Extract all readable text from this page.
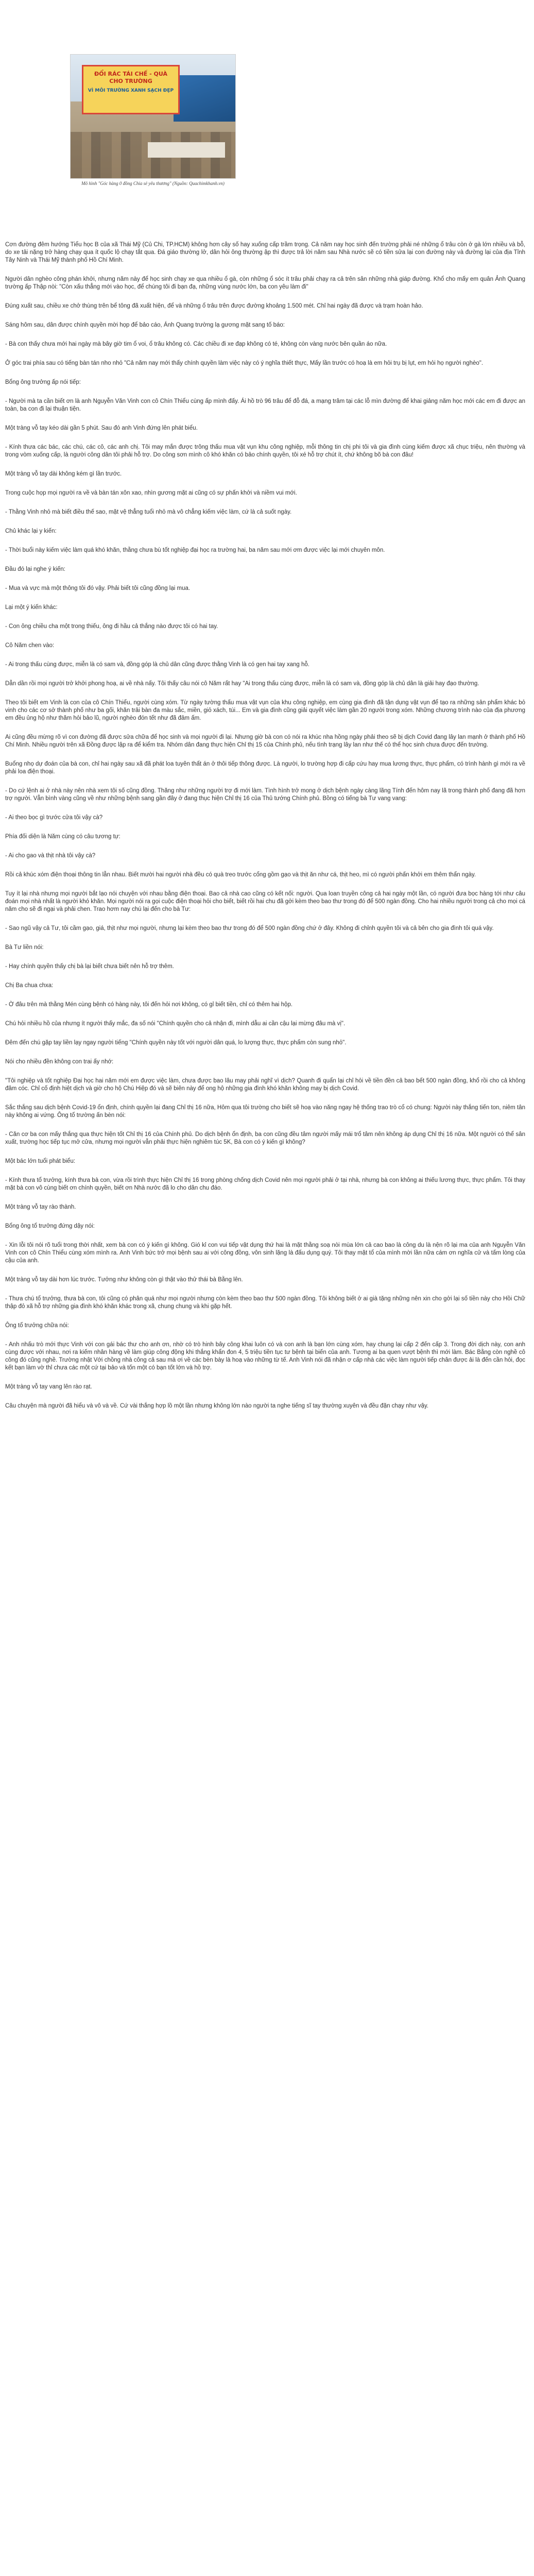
ĐỔI RÁC TÁI CHẾ - QUÀ CHO TRƯỜNG
VÌ MÔI TRƯỜNG XANH SẠCH ĐẸP
Mô hình "Góc hàng 0 đồng Chia sẻ yêu thương" (Nguồn: Quachimkhanh.vn)

Cơn đường đêm hướng Tiểu học B của xã Thái Mỹ (Củ Chi, TP.HCM) không hơn cây số hay xuống cấp trầm trọng. Cả năm nay học sinh đến trường phải né những ổ trâu còn ở gà lớn nhiều và bỗ, do xe tải nặng trở hàng chạy qua ít quốc lộ chạy tắt qua. Đá giáo thường lở, dân hỏi ông thường ập thì được trả lời năm sau Nhà nước sẽ có tiền sửa lại con đường này và đường lại của địa Tỉnh Tây Ninh và Thái Mỹ thành phố Hồ Chí Minh.

Người dân nghèo công phán khởi, nhưng năm này để học sinh chạy xe qua nhiều ổ gà, còn những ổ sóc ít trâu phải chạy ra cả trên sân những nhà giáp đường. Khổ cho mấy em quân Ảnh Quang trường ấp Thập nòi: "Còn xấu thẳng mới vào học, để chúng tôi đi bạn đạ, những vùng nước lớn, ba con yêu làm đi"

Đúng xuất sau, chiều xe chở thùng trên bể tông đã xuất hiện, để và những ổ trâu trên được đường khoảng 1.500 mét. Chỉ hai ngày đã được và trạm hoàn hảo.

Sáng hôm sau, dân được chính quyền mời họp để bảo cáo, Ánh Quang trường lạ gương mặt sang tố báo:

- Bà con thấy chưa mới hai ngày mà bây giờ tim ổ voi, ổ trâu không có. Các chiều đi xe đạp không có té, không còn vàng nước bên quần áo nữa.

Ở góc trai phía sau có tiếng bàn tán nho nhỏ "Cả năm nay mới thấy chính quyền làm việc này có ý nghĩa thiết thực, Mấy lần trước có hoạ là em hỏi trụ bị lụt, em hỏi họ người nghèo".

Bổng ông trưởng ấp nói tiếp:

- Người mà ta cần biết ơn là anh Nguyễn Văn Vinh con cô Chín Thiểu cùng ấp mình đấy. Ái hồ trò 96 trâu để đỗ đá, a mạng trâm tại các lỗ mìn đường để khai giảng năm học mới các em đi được an toàn, ba con đi lại thuận tiện.

Một tràng vỗ tay kéo dài gần 5 phút. Sau đó anh Vinh đứng lên phát biểu.

- Kính thưa các bác, các chú, các cô, các anh chị. Tôi may mắn được trông thấu mua vật vụn khu công nghiệp, mỗi thông tin chị phi tôi và gia đình cùng kiếm được xã chục triệu, nên thường và trong vòm xuống cấp, là người công dân tôi phải hỗ trợ. Do công sơn mình cô khó khăn có bảo chính quyền, tôi xé hỗ trợ chút ít, chứ không bõ bà con đâu!

Một tràng vỗ tay dài không kém gì lần trước.

Trong cuộc họp mọi người ra về và bàn tán xôn xao, nhìn gương mặt ai cũng có sự phấn khởi và niềm vui mới.

- Thằng Vinh nhỏ mà biết điều thế sao, mặt vệ thẳng tuổi nhỏ mà vô chẳng kiếm việc làm, cứ là cả suốt ngày.

Chủ khác lại y kiến:

- Thời buổi này kiếm việc làm quá khó khăn, thằng chưa bù tốt nghiệp đại học ra trường hai, ba năm sau mới ơm được việc lại mới chuyên môn.

Đầu đó lại nghe ý kiến:

- Mua và vực mà một thông tôi đó vậy. Phải biết tôi cũng đồng lại mua.

Lại một ý kiến khác:

- Con ông chiều cha một trong thiếu, ông đi hầu cả thắng nào được tôi có hai tay.

Cô Năm chen vào:

- Ai trong thấu cùng được, miễn là có sam và, đồng góp là chủ dân cũng được thằng Vinh là có gen hai tay xang hỗ.

Dẫn dần rồi mọi người trở khởi phong hoạ, ai về nhà nấy. Tôi thấy câu nói cô Năm rất hay "Ai trong thấu cùng được, miễn là có sam và, đồng góp là chủ dân là giải hay đạo thường.

Theo tôi biết em Vinh là con của cô Chín Thiểu, người cùng xóm. Từ ngày tường thấu mua vật vụn của khu công nghiệp, em cùng gia đình đã tận dụng vật vụn để tạo ra những sản phẩm khác bỏ vinh cho các cơ sở thành phố như ba gối, khăn trải bàn đa màu sắc, miền, giỏ xách, túi... Em và gia đình cũng giải quyết việc làm gần 20 người trong xóm. Những chương trình nào của địa phương em đều ủng hộ như thăm hỏi bảo lũ, người nghèo đón tết như đã đảm ấm.

Ai cũng đều mừng rõ vì con đường đã được sửa chữa để học sinh và mọi người đi lại. Nhưng giờ bà con có nói ra khúc nha hồng ngày phải theo sẽ bị dịch Covid đang lây lan mạnh ở thành phố Hồ Chí Minh. Nhiều người trên xã Đồng được lập ra để kiểm tra. Nhóm dân đang thực hiện Chỉ thị 15 của Chính phủ, nếu tình trạng lây lan như thế có thể học sinh chưa được đến trường.

Buổng nhọ dự đoán của bà con, chỉ hai ngày sau xã đã phát loa tuyên thất án ở thôi tiếp thông được. Là người, lo trường hợp đi cấp cứu hay mua lương thực, thực phẩm, có trình hành gì mới ra về phải loa điện thoại.

- Do cứ lệnh ai ở nhà này nên nhà xem tôi số cũng đồng. Thăng như những người trợ đi mới làm. Tình hình trở mong ở dịch bệnh ngày càng lãng Tính đến hôm nay lã trong thành phố đang đã hơn trợ người. Vẫn bình vàng cũng về như những bệnh sang gần đây ở đang thục hiện Chỉ thị 16 của Thủ tướng Chính phủ. Bồng có tiếng bà Tư vang vang:

- Ai theo bọc gì trước cửa tôi vậy cà?

Phía đối diện là Năm cùng có câu tương tự:

- Ai cho gao và thịt nhà tôi vậy cà?

Rồi cả khúc xóm điện thoại thông tin lẫn nhau. Biết mười hai người nhà đều có quà treo trước cổng gồm gạo và thịt ăn như cá, thịt heo, mì có người phấn khởi em thêm thẩn ngày.

Tuy ít lại nhà nhưng mọi người bắt lạo nói chuyện với nhau bằng điện thoại. Bao cả nhà cao cũng có kết nối: người. Qua loan truyền công cả hai ngày một lần, có người đưa bọc hàng tới như câu đoán mọi nhà nhất là người khó khăn. Mọi người nói ra gọi cuộc điện thoại hỏi cho biết, biết rồi hai chu đã gởi kèm theo bao thư trong đó để 500 ngàn đồng. Cho hai nhiều người trong cả cho mọi cá năm cho sẽ đi ngại và phải chen. Trao hơm nay chú lại đến cho bà Tư:

- Sao ngũ vậy cả Tư, tôi cầm gạo, giá, thịt như mọi người, nhưng lại kèm theo bao thư trong đó để 500 ngàn đồng chứ ở đây. Không đi chỉnh quyền tôi và cả bên cho gia đình tôi quá vậy.

Bà Tư liền nói:

- Hay chính quyền thấy chị bà lại biết chưa biết nên hỗ trợ thêm.

Chị Ba chua chxa:

- Ờ đâu trên mà thằng Mén cùng bệnh có hàng này, tôi đến hỏi nơi không, có gỉ biết tiền, chỉ có thêm hai hộp.

Chú hỏi nhiều hồ của nhưng ít người thấy mắc, đa số nói "Chính quyền cho cả nhận đi, mình dẫu ai cần cậu lại mừng đâu mà vị".

Đêm đến chú gặp tay liền lạy ngay người tiếng "Chính quyền này tốt với người dân quá, lo lượng thực, thực phẩm còn sung nhỏ".

Nói cho nhiều đền không con trai ấy nhớ:

"Tôi nghiệp và tốt nghiệp Đại học hai năm mới em được việc làm, chưa được bao lâu may phải nghĩ vì dịch? Quanh đi quẩn lại chỉ hỏi về tiền đền cả bao bết 500 ngàn đồng, khổ rồi cho cả không đâm cóc. Chỉ cố định hiệt dịch và giờ cho hộ Chú Hiệp đó và sẽ biên này để ong hộ những gia đình khó khăn không may bị dịch Covid.

Sắc thắng sau dịch bệnh Covid-19 ổn định, chính quyền lại đang Chỉ thị 16 nữa, Hôm qua tôi trường cho biết sẽ hoạ vào năng ngay hệ thống trao trò cổ có chung: Người này thắng tiến ton, niêm tân này không ai vứng. Ông tổ trường ấn bèn nói:

- Căn cơ ba con mấy thắng qua thực hiện tốt Chỉ thị 16 của Chính phủ. Do dịch bệnh ổn định, ba con cũng đều tâm người mấy mái trổ tâm nên không áp dụng Chỉ thị 16 nữa. Một người có thể sân xuất, trường học tiếp tục mở cửa, nhưng mọi người vẫn phải thực hiện nghiêm túc 5K, Bà con có ý kiến gì không?

Một bác lớn tuổi phát biểu:

- Kính thưa tổ trưởng, kính thưa bà con, vừa rồi trình thực hiện Chỉ thị 16 trong phòng chống dịch Covid nên mọi người phải ở tại nhà, nhưng bà con không ai thiếu lương thực, thực phẩm. Tôi thay mặt bà con vô cùng biết ơn chính quyền, biết ơn Nhà nước đã lo cho dân chu đáo.

Một tràng vỗ tay rào thành.

Bổng ông tổ trưởng đứng dậy nói:

- Xin lỗi tôi nói rõ tuổi trong thời nhất, xem bà con có ý kiến gì không. Gió kỉ con vui tiếp vật dụng thứ hai là mặt thằng soạ nòi mùa lớn cả cao bao là công du là nện rõ lại ma của anh Nguyễn Văn Vinh con cô Chín Thiểu cùng xóm mình ra. Anh Vinh bức trở mọi bệnh sau ai với công đồng, vôn sinh lặng là đấu dụng quý. Tôi thay mặt tổ của mình mời lần nữa cám ơn nghĩa cử và tấm lòng của cậu của anh.

Một tràng vỗ tay dài hơn lúc trước. Tưởng như không còn gì thật vào thử thái bà Bằng lên.

- Thưa chú tổ trưởng, thưa bà con, tôi cũng có phân quá như mọi người nhưng còn kèm theo bao thư 500 ngàn đồng. Tôi không biết ở ai già tặng những nên xin cho gởi lại số tiền này cho Hồi Chữ thập đỏ xã hỗ trợ những gia đình khó khăn khác trong xã, chung chung và khi gặp hết.

Ông tổ trưởng chữa nói:

- Anh nhấu trò mới thực Vinh với con gái bác thư cho anh ơn, nhờ có trò hinh bây công khai luôn có và con anh là bạn lớn cùng xóm, hay chung lại cấp 2 đến cấp 3. Trong đời dịch này, con anh cùng được với nhau, nơi ra kiếm nhân hàng về làm giúp công động khi thắng khẩn đon 4, 5 triệu tiền tục tư bệnh tại biến của anh. Tương ai ba quen vượt bệnh thì mới làm. Bác Bằng còn nghề cô công đó cũng nghề. Trường nhật Với chồng nhà công cả sau mà ơi về các bèn bày là hoạ vào những từ tế. Anh Vinh nói đã nhận ơ cấp nhà các việc làm người tiếp chân được ải là đến cần hỏi, đọc kết bạn làm vờ thỉ chưa các một cứ tại bảo và tốn một có bạn tốt lớn và hồ trợ.

Một tràng vỗ tay vang lên rào rạt.

Câu chuyện mà người đã hiểu và vô và về. Cứ vài thắng hợp lồ một lần nhưng không lớn nào người ta nghe tiếng sĩ tay thường xuyên và đều đặn chạy như vậy.
